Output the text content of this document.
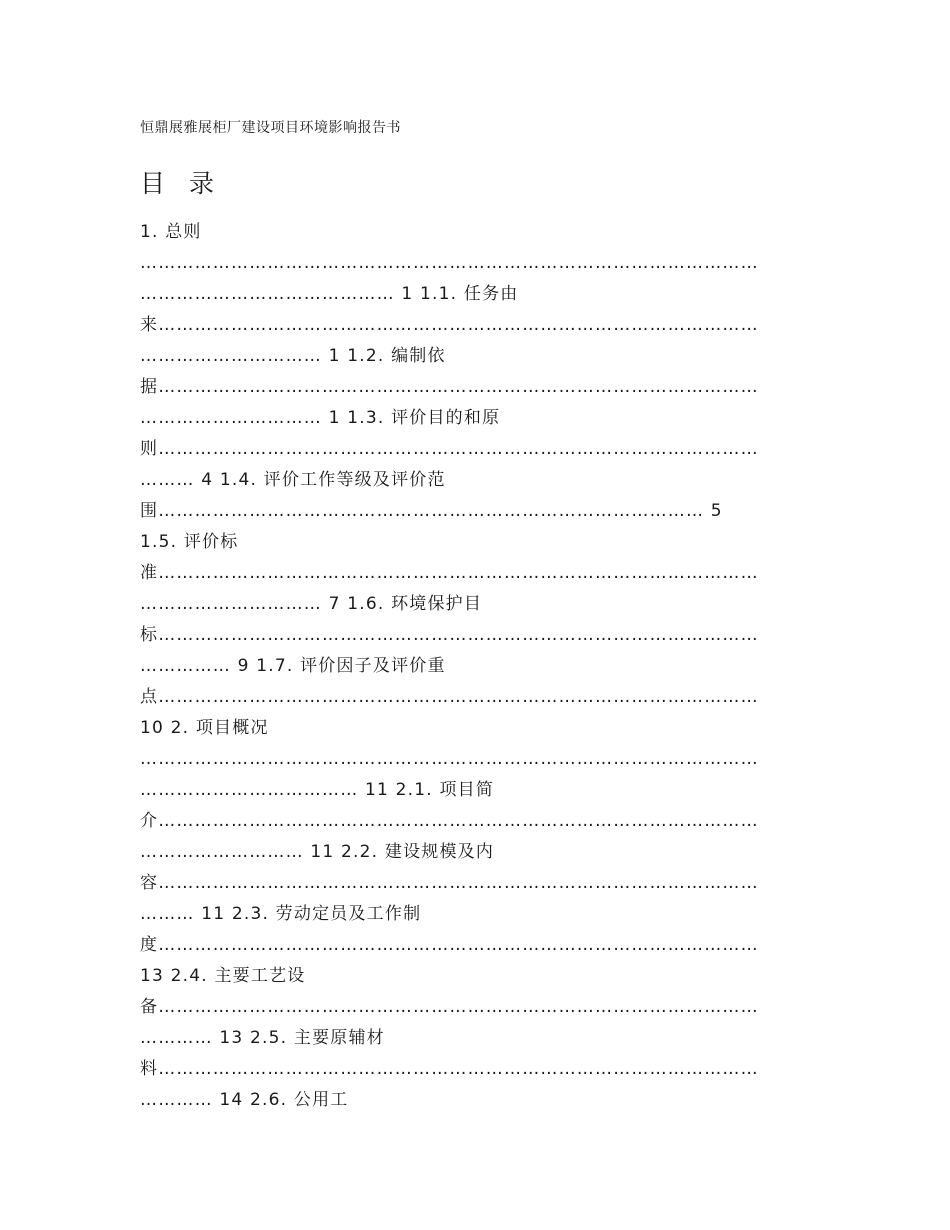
恒鼎展雅展柜厂建设项目环境影响报告书
目 录
1. 总则
…………………………………………………………………………………………
…………………………………… 1 1.1. 任务由
来………………………………………………………………………………………
………………………… 1 1.2. 编制依
据………………………………………………………………………………………
………………………… 1 1.3. 评价目的和原
则………………………………………………………………………………………
……… 4 1.4. 评价工作等级及评价范
围……………………………………………………………………………… 5
1.5. 评价标
准………………………………………………………………………………………
………………………… 7 1.6. 环境保护目
标………………………………………………………………………………………
…………… 9 1.7. 评价因子及评价重
点………………………………………………………………………………………
10 2. 项目概况
…………………………………………………………………………………………
……………………………… 11 2.1. 项目简
介………………………………………………………………………………………
……………………… 11 2.2. 建设规模及内
容………………………………………………………………………………………
……… 11 2.3. 劳动定员及工作制
度………………………………………………………………………………………
13 2.4. 主要工艺设
备………………………………………………………………………………………
………… 13 2.5. 主要原辅材
料………………………………………………………………………………………
………… 14 2.6. 公用工
